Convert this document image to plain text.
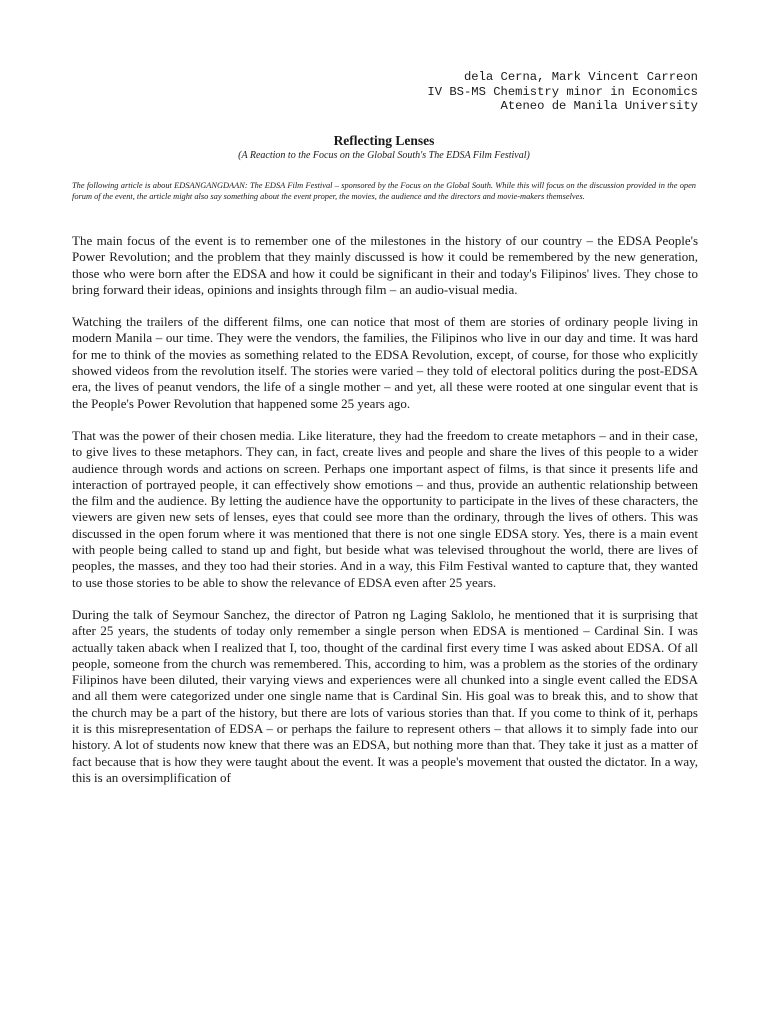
dela Cerna, Mark Vincent Carreon
IV BS-MS Chemistry minor in Economics
Ateneo de Manila University
Reflecting Lenses
(A Reaction to the Focus on the Global South's The EDSA Film Festival)

The following article is about EDSANGANGDAAN: The EDSA Film Festival – sponsored by the Focus on the Global South. While this will focus on the discussion provided in the open forum of the event, the article might also say something about the event proper, the movies, the audience and the directors and movie-makers themselves.

The main focus of the event is to remember one of the milestones in the history of our country – the EDSA People's Power Revolution; and the problem that they mainly discussed is how it could be remembered by the new generation, those who were born after the EDSA and how it could be significant in their and today's Filipinos' lives. They chose to bring forward their ideas, opinions and insights through film – an audio-visual media.

Watching the trailers of the different films, one can notice that most of them are stories of ordinary people living in modern Manila – our time. They were the vendors, the families, the Filipinos who live in our day and time. It was hard for me to think of the movies as something related to the EDSA Revolution, except, of course, for those who explicitly showed videos from the revolution itself. The stories were varied – they told of electoral politics during the post-EDSA era, the lives of peanut vendors, the life of a single mother – and yet, all these were rooted at one singular event that is the People's Power Revolution that happened some 25 years ago.

That was the power of their chosen media. Like literature, they had the freedom to create metaphors – and in their case, to give lives to these metaphors. They can, in fact, create lives and people and share the lives of this people to a wider audience through words and actions on screen. Perhaps one important aspect of films, is that since it presents life and interaction of portrayed people, it can effectively show emotions – and thus, provide an authentic relationship between the film and the audience. By letting the audience have the opportunity to participate in the lives of these characters, the viewers are given new sets of lenses, eyes that could see more than the ordinary, through the lives of others. This was discussed in the open forum where it was mentioned that there is not one single EDSA story. Yes, there is a main event with people being called to stand up and fight, but beside what was televised throughout the world, there are lives of peoples, the masses, and they too had their stories. And in a way, this Film Festival wanted to capture that, they wanted to use those stories to be able to show the relevance of EDSA even after 25 years.

During the talk of Seymour Sanchez, the director of Patron ng Laging Saklolo, he mentioned that it is surprising that after 25 years, the students of today only remember a single person when EDSA is mentioned – Cardinal Sin. I was actually taken aback when I realized that I, too, thought of the cardinal first every time I was asked about EDSA. Of all people, someone from the church was remembered. This, according to him, was a problem as the stories of the ordinary Filipinos have been diluted, their varying views and experiences were all chunked into a single event called the EDSA and all them were categorized under one single name that is Cardinal Sin. His goal was to break this, and to show that the church may be a part of the history, but there are lots of various stories than that. If you come to think of it, perhaps it is this misrepresentation of EDSA – or perhaps the failure to represent others – that allows it to simply fade into our history. A lot of students now knew that there was an EDSA, but nothing more than that. They take it just as a matter of fact because that is how they were taught about the event. It was a people's movement that ousted the dictator. In a way, this is an oversimplification of
